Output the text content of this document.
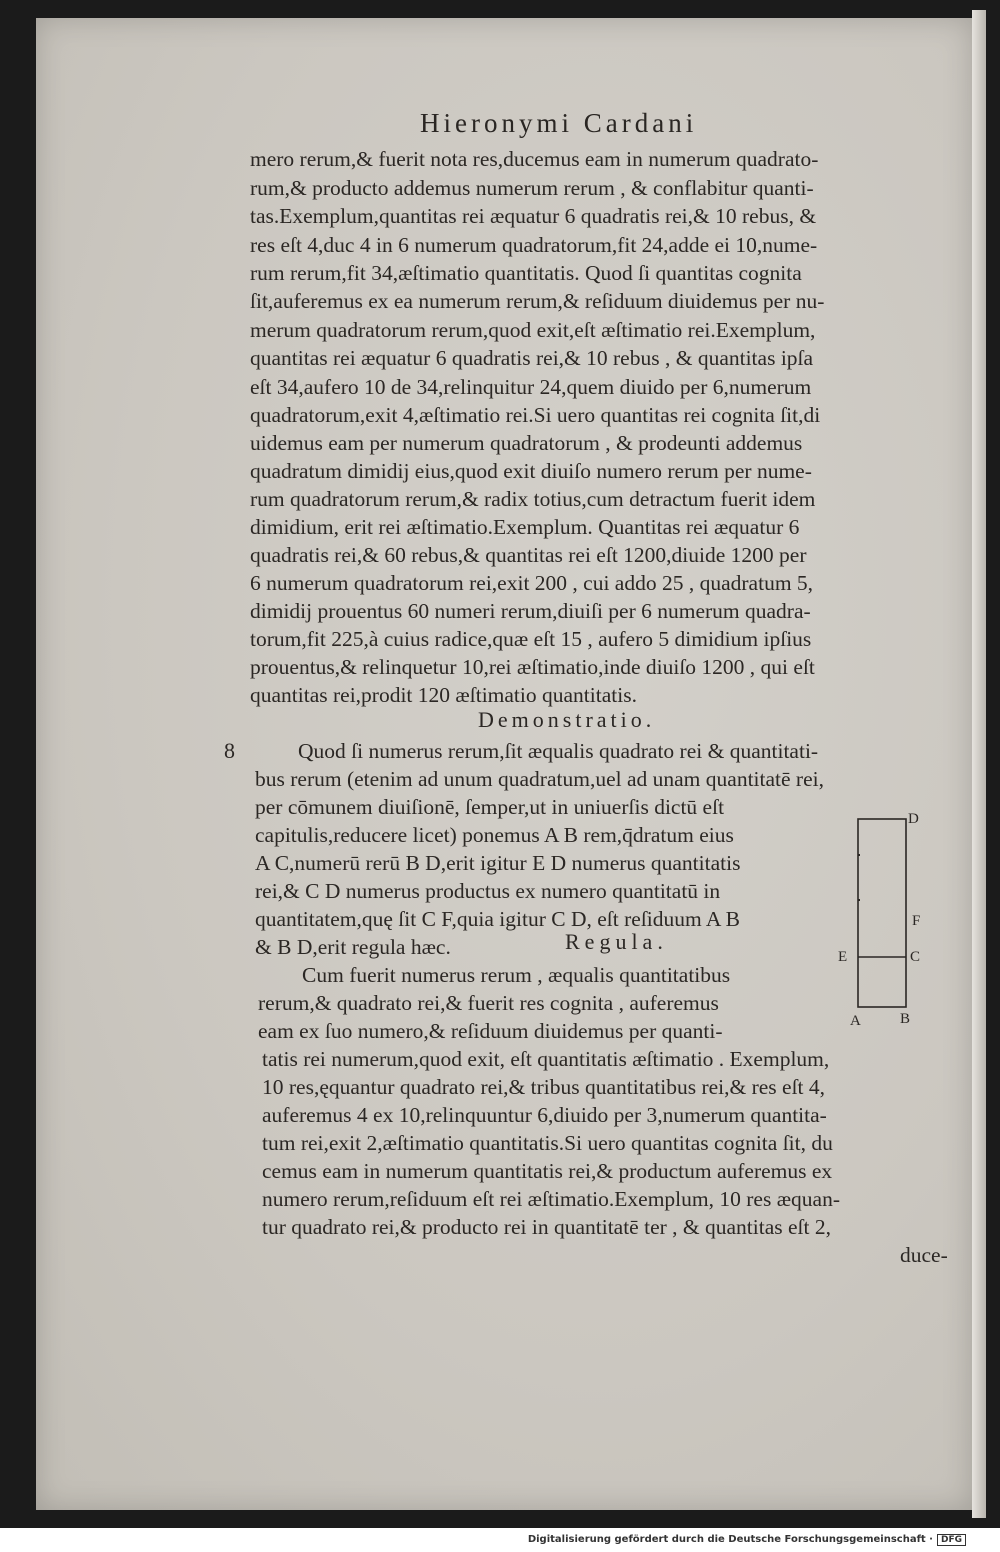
Hieronymi Cardani
mero rerum,& fuerit nota res,ducemus eam in numerum quadrato-
rum,& producto addemus numerum rerum , & conflabitur quanti-
tas.Exemplum,quantitas rei æquatur 6 quadratis rei,& 10 rebus, &
res eſt 4,duc 4 in 6 numerum quadratorum,fit 24,adde ei 10,nume-
rum rerum,fit 34,æſtimatio quantitatis. Quod ſi quantitas cognita
ſit,auferemus ex ea numerum rerum,& reſiduum diuidemus per nu-
merum quadratorum rerum,quod exit,eſt æſtimatio rei.Exemplum,
quantitas rei æquatur 6 quadratis rei,& 10 rebus , & quantitas ipſa
eſt 34,aufero 10 de 34,relinquitur 24,quem diuido per 6,numerum
quadratorum,exit 4,æſtimatio rei.Si uero quantitas rei cognita ſit,di
uidemus eam per numerum quadratorum , & prodeunti addemus
quadratum dimidij eius,quod exit diuiſo numero rerum per nume-
rum quadratorum rerum,& radix totius,cum detractum fuerit idem
dimidium, erit rei æſtimatio.Exemplum. Quantitas rei æquatur 6
quadratis rei,& 60 rebus,& quantitas rei eſt 1200,diuide 1200 per
6 numerum quadratorum rei,exit 200 , cui addo 25 , quadratum 5,
dimidij prouentus 60 numeri rerum,diuiſi per 6 numerum quadra-
torum,fit 225,à cuius radice,quæ eſt 15 , aufero 5 dimidium ipſius
prouentus,& relinquetur 10,rei æſtimatio,inde diuiſo 1200 , qui eſt
quantitas rei,prodit 120 æſtimatio quantitatis.
Demonstratio.
8	Quod ſi numerus rerum,ſit æqualis quadrato rei & quantitati-
bus rerum (etenim ad unum quadratum,uel ad unam quantitatē rei,
per cōmunem diuiſionē, ſemper,ut in uniuerſis dictū eſt
capitulis,reducere licet) ponemus A B rem,q̄dratum eius
A C,numerū rerū B D,erit igitur E D numerus quantitatis
rei,& C D numerus productus ex numero quantitatū in
quantitatem,quę ſit C F,quia igitur C D, eſt reſiduum A B
& B D,erit regula hæc.	Regula.
Cum fuerit numerus rerum , æqualis quantitatibus
rerum,& quadrato rei,& fuerit res cognita , auferemus
eam ex ſuo numero,& reſiduum diuidemus per quanti-
tatis rei numerum,quod exit, eſt quantitatis æſtimatio . Exemplum,
10 res,ęquantur quadrato rei,& tribus quantitatibus rei,& res eſt 4,
auferemus 4 ex 10,relinquuntur 6,diuido per 3,numerum quantita-
tum rei,exit 2,æſtimatio quantitatis.Si uero quantitas cognita ſit, du
cemus eam in numerum quantitatis rei,& productum auferemus ex
numero rerum,reſiduum eſt rei æſtimatio.Exemplum, 10 res æquan-
tur quadrato rei,& producto rei in quantitatē ter , & quantitas eſt 2,
duce-
D
F
E	C
A	B
Digitalisierung gefördert durch die Deutsche Forschungsgemeinschaft · DFG
